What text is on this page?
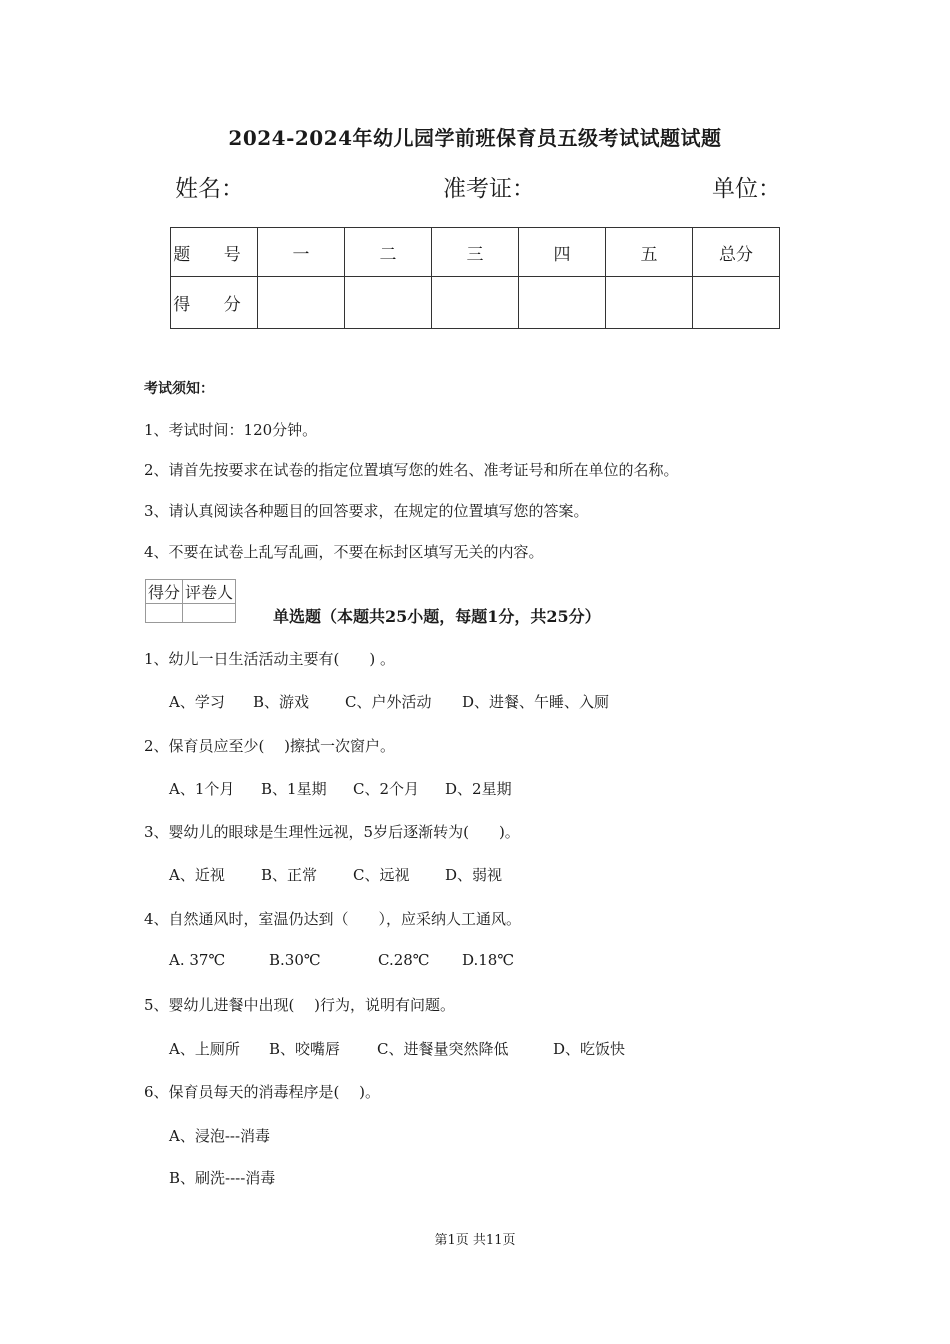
2024-2024年幼儿园学前班保育员五级考试试题试题
姓名：	准考证：	单位：
题 号	一	二	三	四	五	总分
得 分						
考试须知：
1、考试时间：120分钟。
2、请首先按要求在试卷的指定位置填写您的姓名、准考证号和所在单位的名称。
3、请认真阅读各种题目的回答要求，在规定的位置填写您的答案。
4、不要在试卷上乱写乱画，不要在标封区填写无关的内容。
得分	评卷人

单选题（本题共25小题，每题1分，共25分）
1、幼儿一日生活活动主要有(　　) 。
A、学习 B、游戏 C、户外活动 D、进餐、午睡、入厕
2、保育员应至少(　 )擦拭一次窗户。
A、1个月 B、1星期 C、2个月 D、2星期
3、婴幼儿的眼球是生理性远视，5岁后逐渐转为(　　)。
A、近视 B、正常 C、远视 D、弱视
4、自然通风时，室温仍达到（　　），应采纳人工通风。
A. 37℃	B.30℃	C.28℃ D.18℃
5、婴幼儿进餐中出现(　 )行为，说明有问题。
A、上厕所 B、咬嘴唇 C、进餐量突然降低	D、吃饭快
6、保育员每天的消毒程序是(　 )。
A、浸泡---消毒
B、刷洗----消毒
第1页 共11页
